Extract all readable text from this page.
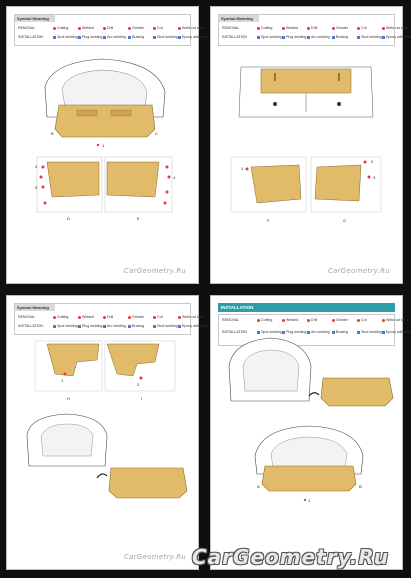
Symbol Meaning
REMOVAL	Cutting	Welded	Drill	Grinder	Cut	Weld cut spot
INSTALLATION	Spot welding Plug welding Arc welding Brazing	Stud welding Epoxy adhesive
B	C
1
D	E
2
3
4
CarGeometry.Ru
Symbol Meaning
REMOVAL	Cutting	Welded	Drill	Grinder	Cut	Weld cut spot
INSTALLATION	Spot welding Plug welding Arc welding Brazing	Stud welding Epoxy adhesive
F	G
1
2
3
CarGeometry.Ru
Symbol Meaning
REMOVAL	Cutting	Welded	Drill	Grinder	Cut	Weld cut spot
INSTALLATION	Spot welding Plug welding Arc welding Brazing	Stud welding Epoxy adhesive
H	I
1
2
CarGeometry.Ru
INSTALLATION
REMOVAL	Cutting	Welded	Drill	Grinder	Cut	Weld cut spot
INSTALLATION	Spot welding Plug welding Arc welding Brazing	Stud welding Epoxy adhesive
A	B
1
CarGeometry.Ru
